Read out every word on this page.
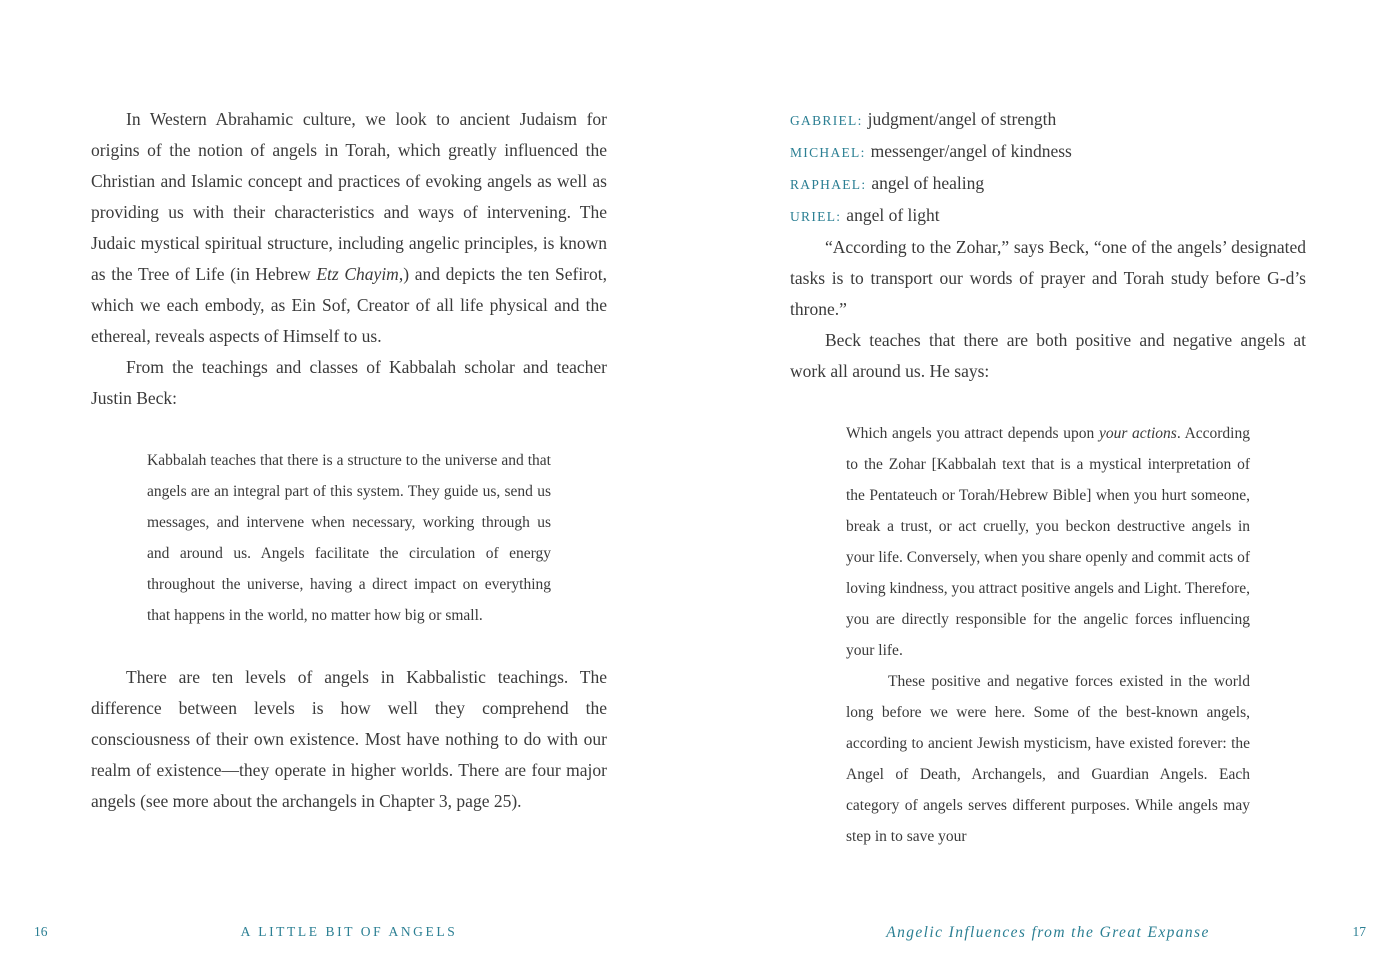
In Western Abrahamic culture, we look to ancient Judaism for origins of the notion of angels in Torah, which greatly influenced the Christian and Islamic concept and practices of evoking angels as well as providing us with their characteristics and ways of intervening. The Judaic mystical spiritual structure, including angelic principles, is known as the Tree of Life (in Hebrew Etz Chayim,) and depicts the ten Sefirot, which we each embody, as Ein Sof, Creator of all life physical and the ethereal, reveals aspects of Himself to us.

From the teachings and classes of Kabbalah scholar and teacher Justin Beck:

Kabbalah teaches that there is a structure to the universe and that angels are an integral part of this system. They guide us, send us messages, and intervene when necessary, working through us and around us. Angels facilitate the circulation of energy throughout the universe, having a direct impact on everything that happens in the world, no matter how big or small.

There are ten levels of angels in Kabbalistic teachings. The difference between levels is how well they comprehend the consciousness of their own existence. Most have nothing to do with our realm of existence—they operate in higher worlds. There are four major angels (see more about the archangels in Chapter 3, page 25).

GABRIEL: judgment/angel of strength
MICHAEL: messenger/angel of kindness
RAPHAEL: angel of healing
URIEL: angel of light

“According to the Zohar,” says Beck, “one of the angels’ designated tasks is to transport our words of prayer and Torah study before G-d’s throne.”

Beck teaches that there are both positive and negative angels at work all around us. He says:

Which angels you attract depends upon your actions. According to the Zohar [Kabbalah text that is a mystical interpretation of the Pentateuch or Torah/Hebrew Bible] when you hurt someone, break a trust, or act cruelly, you beckon destructive angels in your life. Conversely, when you share openly and commit acts of loving kindness, you attract positive angels and Light. Therefore, you are directly responsible for the angelic forces influencing your life.

These positive and negative forces existed in the world long before we were here. Some of the best-known angels, according to ancient Jewish mysticism, have existed forever: the Angel of Death, Archangels, and Guardian Angels. Each category of angels serves different purposes. While angels may step in to save your

16	A LITTLE BIT OF ANGELS	Angelic Influences from the Great Expanse	17
